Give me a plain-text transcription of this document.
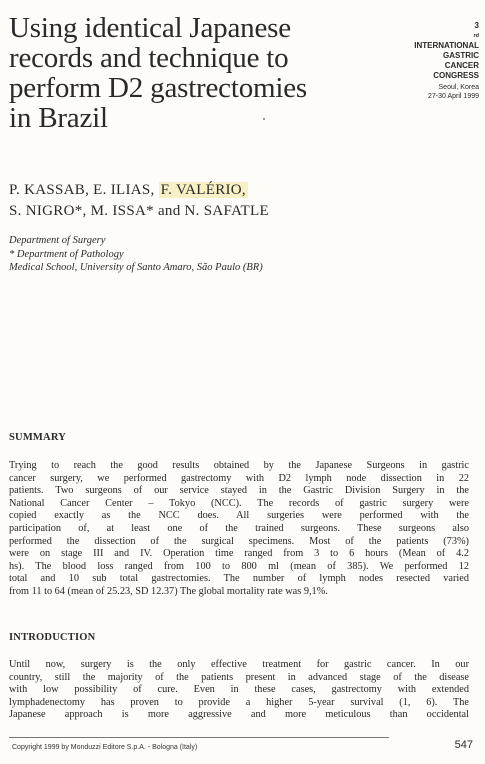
Using identical Japanese
records and technique to
perform D2 gastrectomies
in Brazil
3
rd
INTERNATIONAL
GASTRIC
CANCER
CONGRESS
Seoul, Korea
27-30 April 1999
P. KASSAB, E. ILIAS, F. VALÉRIO,
S. NIGRO*, M. ISSA* and N. SAFATLE
Department of Surgery
* Department of Pathology
Medical School, University of Santo Amaro, São Paulo (BR)
SUMMARY
Trying to reach the good results obtained by the Japanese Surgeons in gastric
cancer surgery, we performed gastrectomy with D2 lymph node dissection in 22
patients. Two surgeons of our service stayed in the Gastric Division Surgery in the
National Cancer Center – Tokyo (NCC). The records of gastric surgery were
copied exactly as the NCC does. All surgeries were performed with the
participation of, at least one of the trained surgeons. These surgeons also
performed the dissection of the surgical specimens. Most of the patients (73%)
were on stage III and IV. Operation time ranged from 3 to 6 hours (Mean of 4.2
hs). The blood loss ranged from 100 to 800 ml (mean of 385). We performed 12
total and 10 sub total gastrectomies. The number of lymph nodes resected varied
from 11 to 64 (mean of 25.23, SD 12.37) The global mortality rate was 9,1%.
INTRODUCTION
Until now, surgery is the only effective treatment for gastric cancer. In our
country, still the majority of the patients present in advanced stage of the disease
with low possibility of cure. Even in these cases, gastrectomy with extended
lymphadenectomy has proven to provide a higher 5-year survival (1, 6). The
Japanese approach is more aggressive and more meticulous than occidental
Copyright 1999 by Monduzzi Editore S.p.A. - Bologna (Italy)	547
